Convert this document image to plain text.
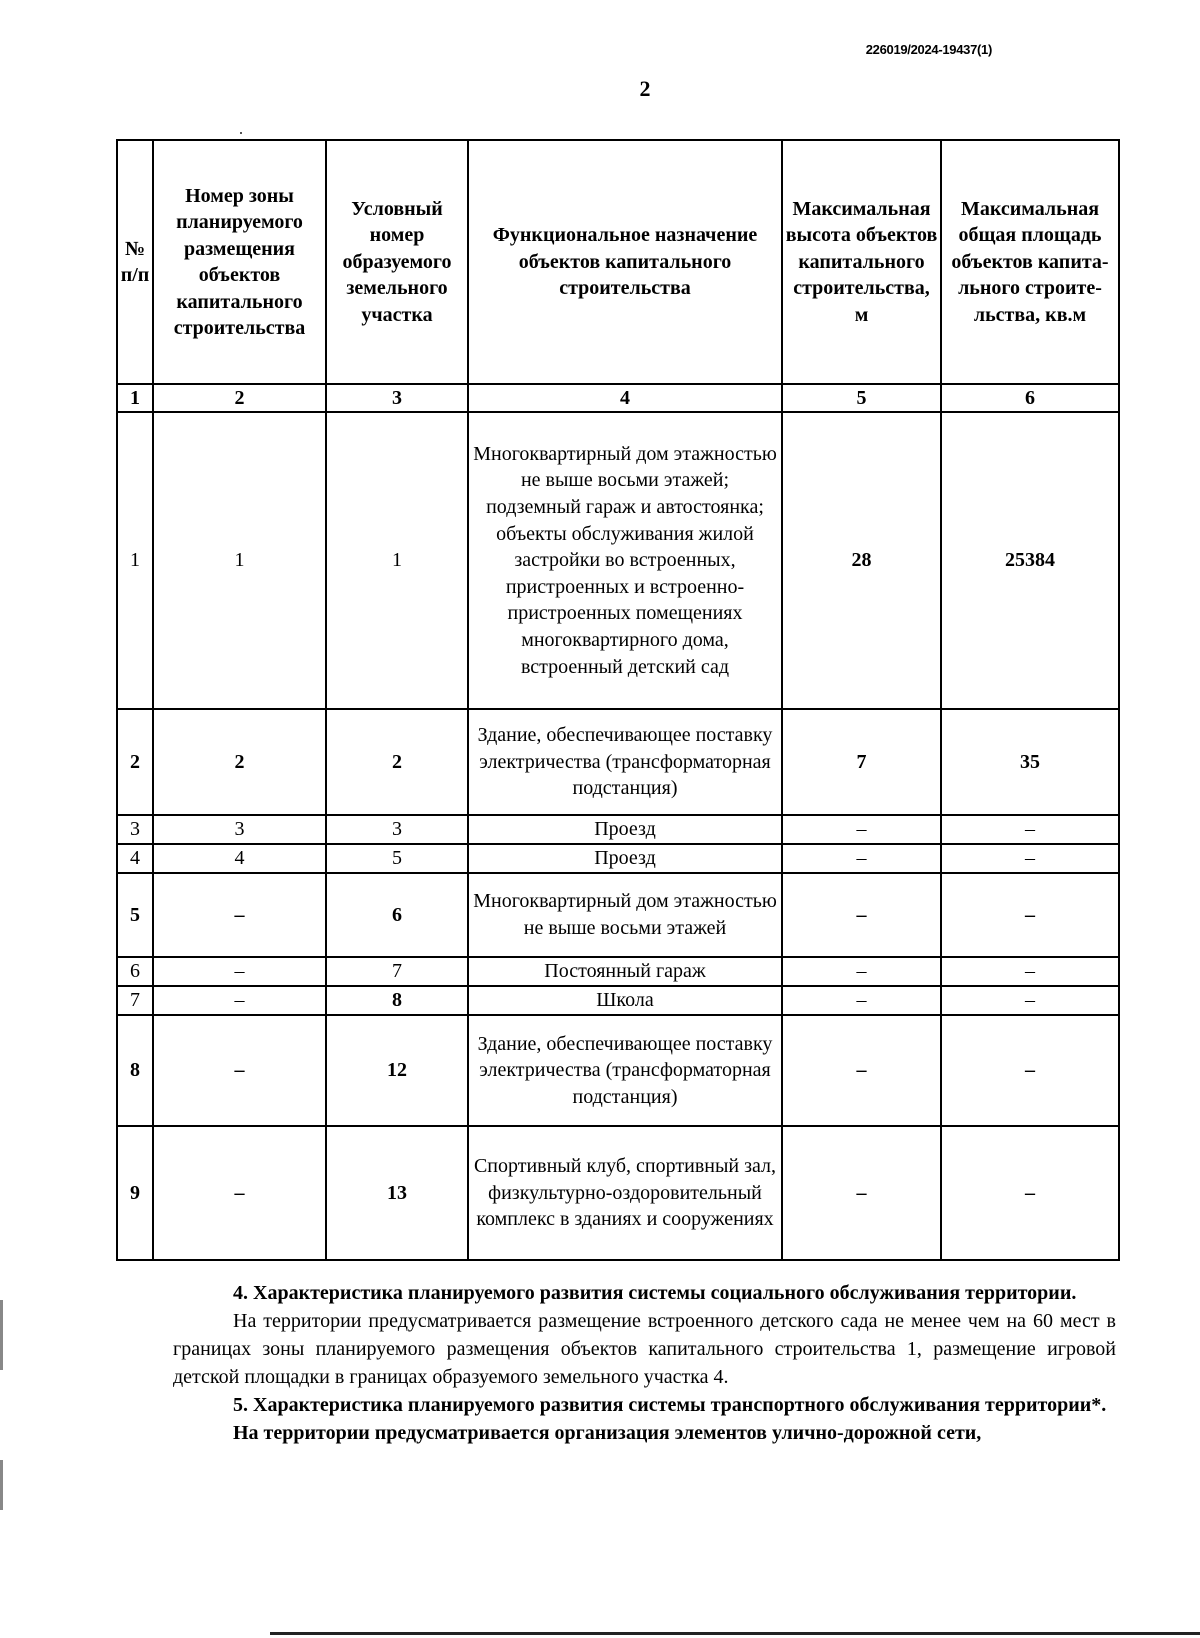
226019/2024-19437(1)
2
№ п/п	Номер зоны планируемого размещения объектов капитального строительства	Условный номер образуемого земельного участка	Функциональное назначение объектов капитального строительства	Максимальная высота объектов капитального строительства, м	Максимальная общая площадь объектов капитального строительства, кв.м
1	2	3	4	5	6
1	1	1	Многоквартирный дом этажностью не выше восьми этажей; подземный гараж и автостоянка; объекты обслуживания жилой застройки во встроенных, пристроенных и встроенно-пристроенных помещениях многоквартирного дома, встроенный детский сад	28	25384
2	2	2	Здание, обеспечивающее поставку электричества (трансформаторная подстанция)	7	35
3	3	3	Проезд	–	–
4	4	5	Проезд	–	–
5	–	6	Многоквартирный дом этажностью не выше восьми этажей	–	–
6	–	7	Постоянный гараж	–	–
7	–	8	Школа	–	–
8	–	12	Здание, обеспечивающее поставку электричества (трансформаторная подстанция)	–	–
9	–	13	Спортивный клуб, спортивный зал, физкультурно-оздоровительный комплекс в зданиях и сооружениях	–	–

4. Характеристика планируемого развития системы социального обслуживания территории.

На территории предусматривается размещение встроенного детского сада не менее чем на 60 мест в границах зоны планируемого размещения объектов капитального строительства 1, размещение игровой детской площадки в границах образуемого земельного участка 4.

5. Характеристика планируемого развития системы транспортного обслуживания территории*.

На территории предусматривается организация элементов улично-дорожной сети,
